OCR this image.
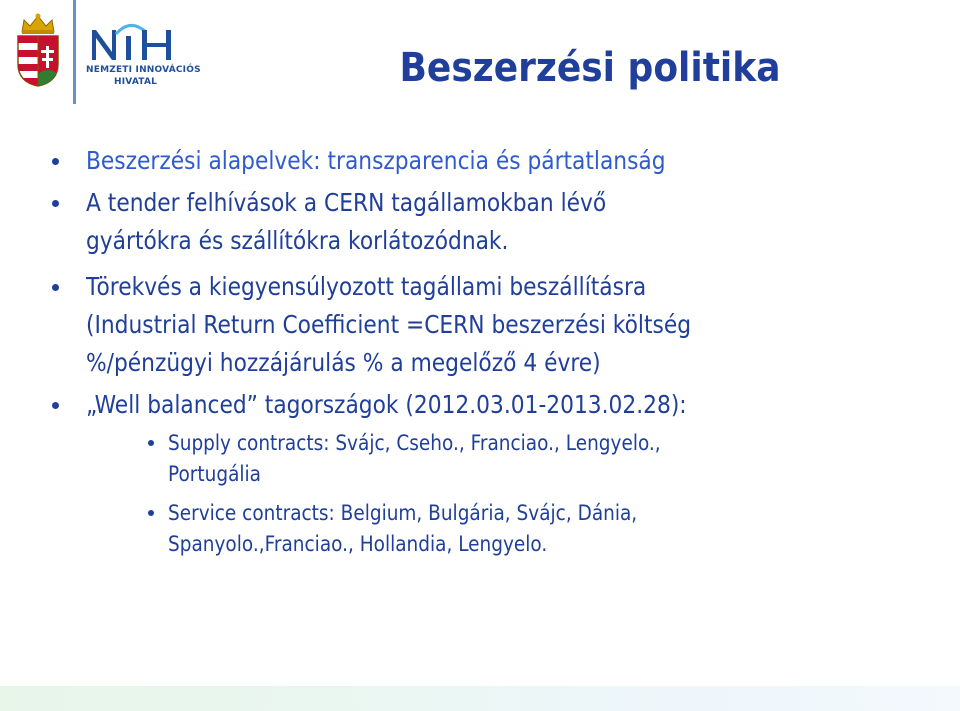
NEMZETI INNOVÁCIÓS
HIVATAL	Beszerzési politika
Beszerzési alapelvek: transzparencia és pártatlanság
A tender felhívások a CERN tagállamokban lévő
gyártókra és szállítókra korlátozódnak.
Törekvés a kiegyensúlyozott tagállami beszállításra
(Industrial Return Coefficient =CERN beszerzési költség
%/pénzügyi hozzájárulás % a megelőző 4 évre)
„Well balanced” tagországok (2012.03.01-2013.02.28):
Supply contracts: Svájc, Cseho., Franciao., Lengyelo.,
Portugália
Service contracts: Belgium, Bulgária, Svájc, Dánia,
Spanyolo.,Franciao., Hollandia, Lengyelo.
